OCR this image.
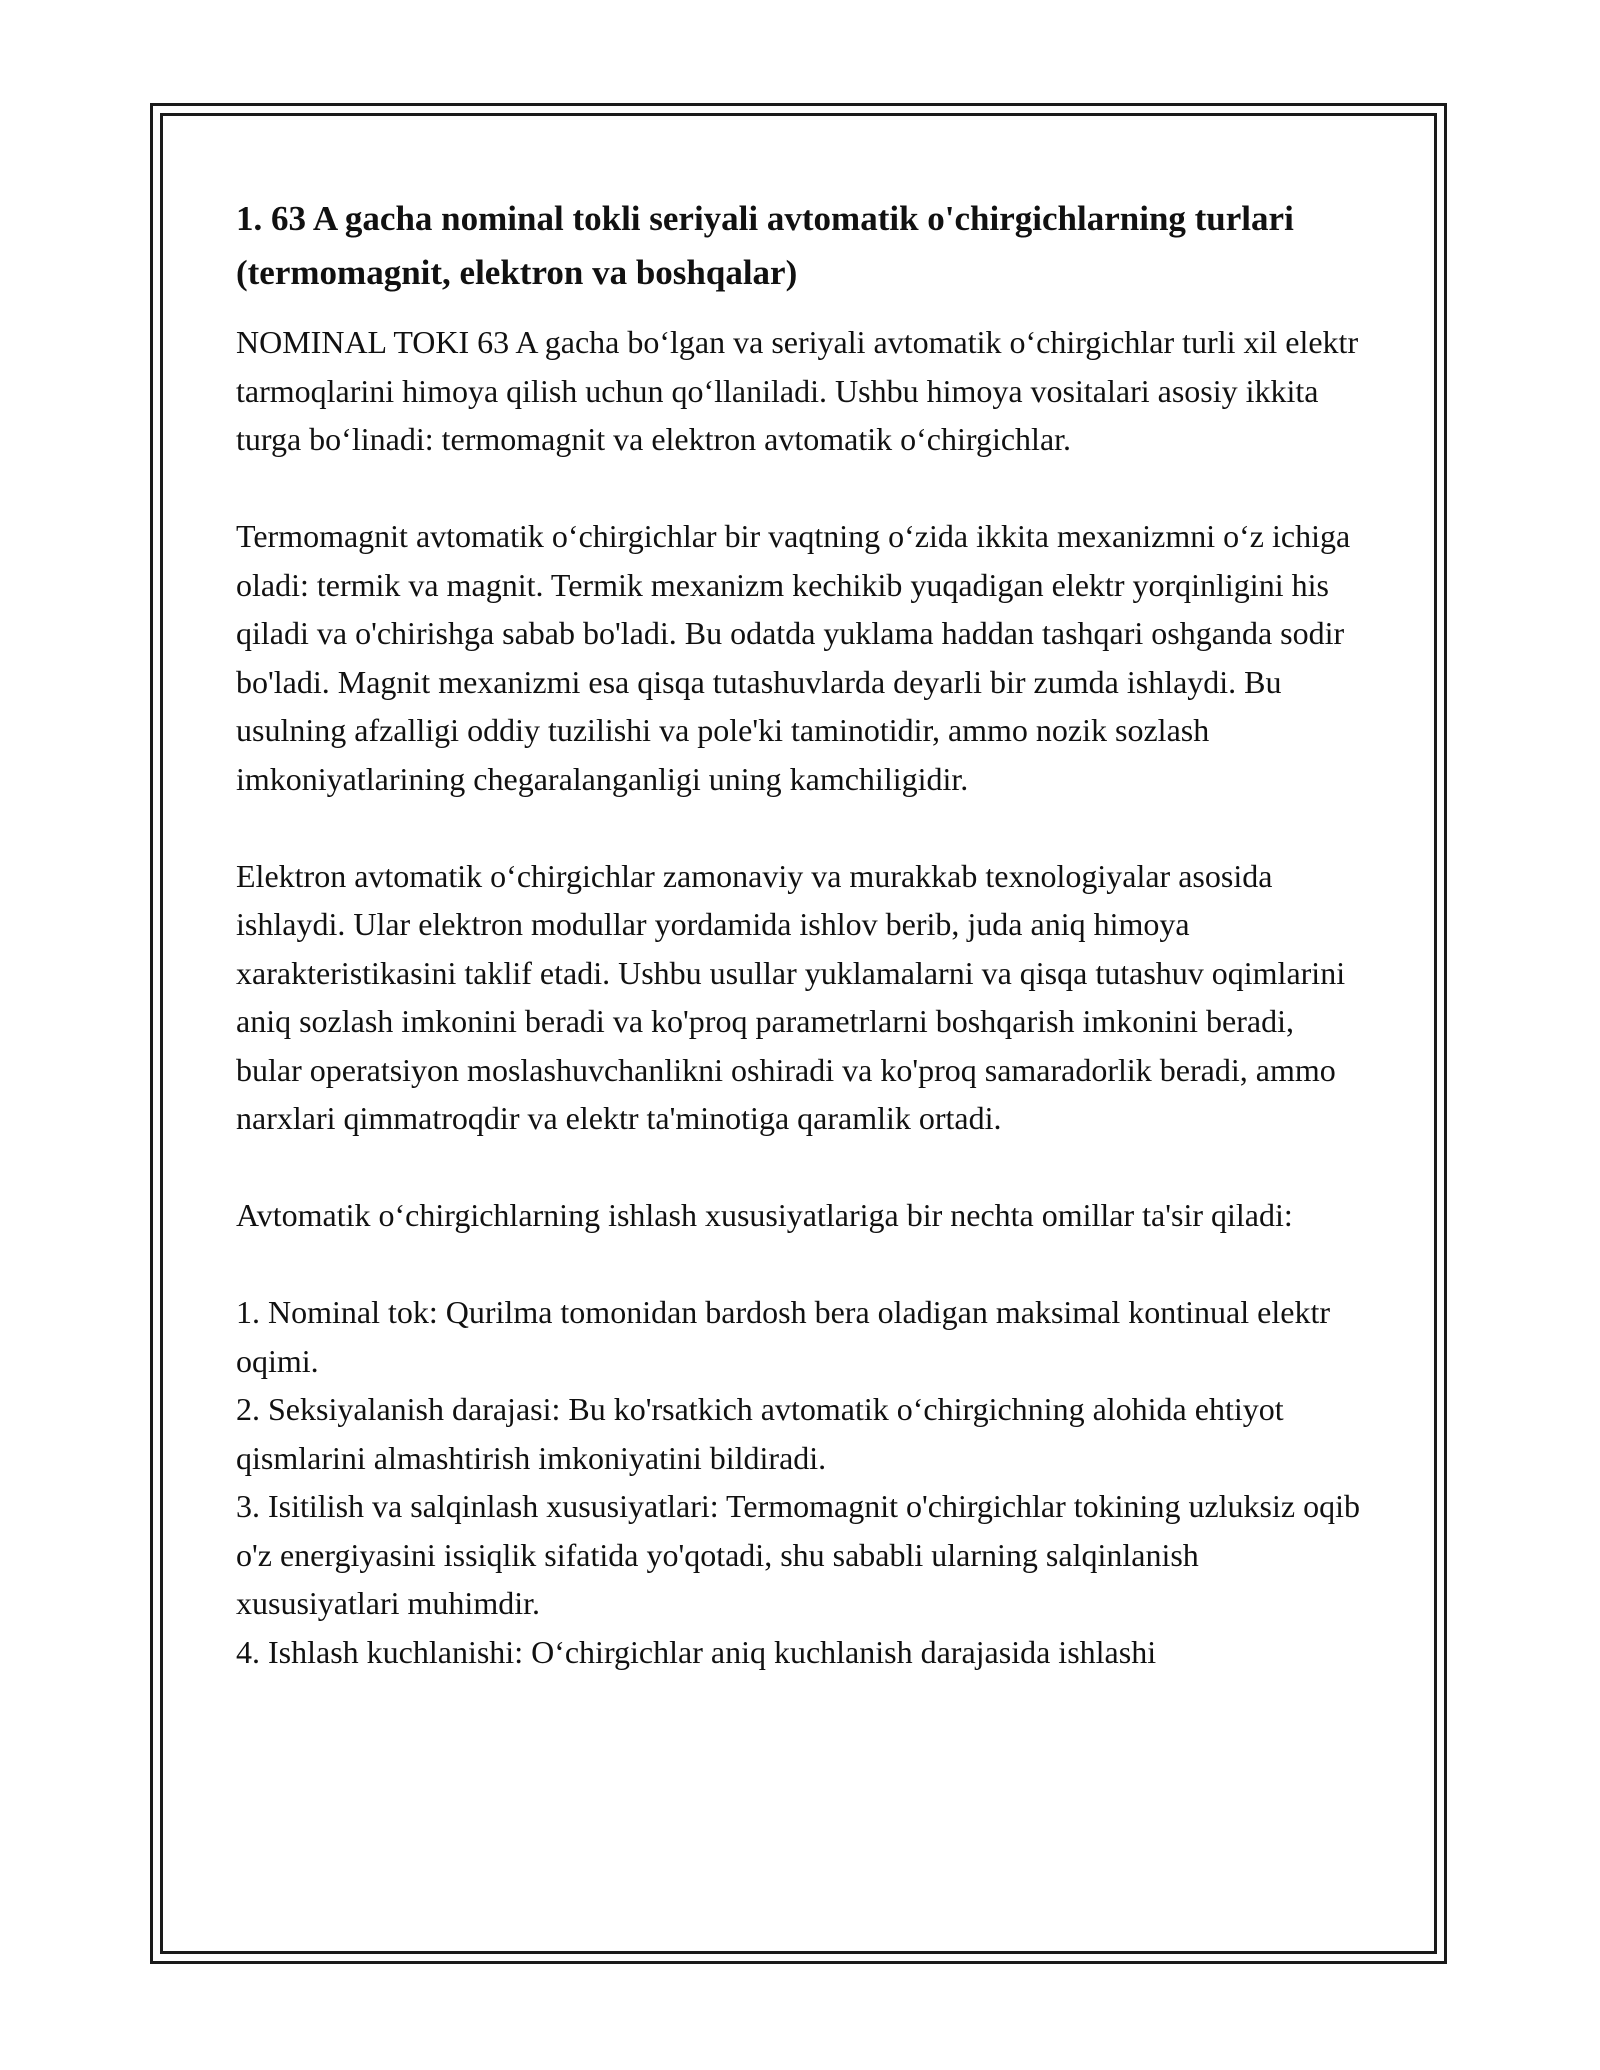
1. 63 A gacha nominal tokli seriyali avtomatik o'chirgichlarning turlari (termomagnit, elektron va boshqalar)

NOMINAL TOKI 63 A gacha bo‘lgan va seriyali avtomatik o‘chirgichlar turli xil elektr tarmoqlarini himoya qilish uchun qo‘llaniladi. Ushbu himoya vositalari asosiy ikkita turga bo‘linadi: termomagnit va elektron avtomatik o‘chirgichlar.

Termomagnit avtomatik o‘chirgichlar bir vaqtning o‘zida ikkita mexanizmni o‘z ichiga oladi: termik va magnit. Termik mexanizm kechikib yuqadigan elektr yorqinligini his qiladi va o'chirishga sabab bo'ladi. Bu odatda yuklama haddan tashqari oshganda sodir bo'ladi. Magnit mexanizmi esa qisqa tutashuvlarda deyarli bir zumda ishlaydi. Bu usulning afzalligi oddiy tuzilishi va pole'ki taminotidir, ammo nozik sozlash imkoniyatlarining chegaralanganligi uning kamchiligidir.

Elektron avtomatik o‘chirgichlar zamonaviy va murakkab texnologiyalar asosida ishlaydi. Ular elektron modullar yordamida ishlov berib, juda aniq himoya xarakteristikasini taklif etadi. Ushbu usullar yuklamalarni va qisqa tutashuv oqimlarini aniq sozlash imkonini beradi va ko'proq parametrlarni boshqarish imkonini beradi, bular operatsiyon moslashuvchanlikni oshiradi va ko'proq samaradorlik beradi, ammo narxlari qimmatroqdir va elektr ta'minotiga qaramlik ortadi.

Avtomatik o‘chirgichlarning ishlash xususiyatlariga bir nechta omillar ta'sir qiladi:

1. Nominal tok: Qurilma tomonidan bardosh bera oladigan maksimal kontinual elektr oqimi.
2. Seksiyalanish darajasi: Bu ko'rsatkich avtomatik o‘chirgichning alohida ehtiyot qismlarini almashtirish imkoniyatini bildiradi.
3. Isitilish va salqinlash xususiyatlari: Termomagnit o'chirgichlar tokining uzluksiz oqib o'z energiyasini issiqlik sifatida yo'qotadi, shu sababli ularning salqinlanish xususiyatlari muhimdir.
4. Ishlash kuchlanishi: O‘chirgichlar aniq kuchlanish darajasida ishlashi
